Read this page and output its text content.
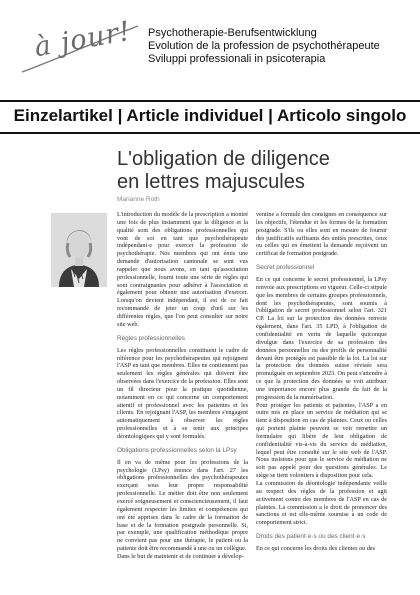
à jour! Psychotherapie-Berufsentwicklung
Evolution de la profession de psychothérapeute
Sviluppi professionali in psicoterapia
Einzelartikel | Article individuel | Articolo singolo
L'obligation de diligence
en lettres majuscules
Marianne Roth

L'introduction du modèle de la prescription a montré une fois de plus instamment que la diligence et la qualité sont des obligations professionnelles qui vont de soi en tant que psychothérapeute indépendant·e pour exercer la profession de psychothérapie. Nos membres qui ont émis une demande d'autorisation cantonale se sont vus rappeler que nous avons, en tant qu'association professionnelle, fourni toute une série de règles qui sont contraignantes pour adhérer à l'association et également pour obtenir une autorisation d'exercer. Lorsqu'on devient indépendant, il est de ce fait recommandé de jeter un coup d'œil sur les différentes règles, que l'on peut consulter sur notre site web.

Règles professionnelles

Les règles professionnelles constituent le cadre de référence pour les psychothérapeutes qui rejoignent l'ASP en tant que membres. Elles ne contiennent pas seulement les règles générales qui doivent être observées dans l'exercice de la profession. Elles sont un fil directeur pour la pratique quotidienne, notamment en ce qui concerne un comportement attentif et professionnel avec les patientes et les clients. En rejoignant l'ASP, les membres s'engagent automatiquement à observer les règles professionnelles et à se tenir aux principes déontologiques qui y sont formulés.

Obligations professionnelles selon la LPsy

Il en va de même pour les professions de la psychologie (LPsy) énonce dans l'art. 27 les obligations professionnelles des psychothérapeutes exerçant sous leur propre responsabilité professionnelle. Le métier doit être non seulement exercé soigneusement et consciencieusement, il faut également respecter les limites et compétences qui ont été apprises dans le cadre de la formation de base et de la formation postgrade personnelle. Si, par exemple, une qualification méthodique propre ne convient pas pour une thérapie, le patient ou la patiente doit être recommandé à une ou un collègue.

Dans le but de maintenir et de continuer à dévelop-

ventine a formulé des consignes en conséquence sur les objectifs, l'étendue et les formes de la formation postgrade. S'ils ou elles sont en mesure de fournir des justificatifs suffisants des unités prescrites, ceux ou celles qui en émettent la demande reçoivent un certificat de formation postgrade.

Secret professionnel

En ce qui concerne le secret professionnel, la LPsy renvoie aux prescriptions en vigueur. Celle-ci stipule que les membres de certains groupes professionnels, dont les psychothérapeutes, sont soumis à l'obligation de secret professionnel selon l'art. 321 CP. La loi sur la protection des données renvoie également, dans l'art. 35 LPD, à l'obligation de confidentialité en vertu de laquelle quiconque divulgue dans l'exercice de sa profession des données personnelles ou des profils de personnalité devant être protégés est passible de la loi. La loi sur la protection des données suisse révisée sera promulguée en septembre 2023. On peut s'attendre à ce que la protection des données se voit attribuer une importance encore plus grande du fait de la progression de la numérisation.

Pour protéger les patients et patientes, l'ASP a en outre mis en place un service de médiation qui se tient à disposition en cas de plaintes. Ceux ou celles qui portent plainte peuvent se voir remettre un formulaire qui libère de leur obligation de confidentialité vis-à-vis du service de médiation, lequel peut être consulté sur le site web de l'ASP. Nous insistons pour que le service de médiation ne soit pas appelé pour des questions générales. Le siège se tient volontiers à disposition pour cela.

La commission de déontologie indépendante veille au respect des règles de la profession et agit activement contre des membres de l'ASP en cas de plaintes. La commission a le droit de prononcer des sanctions et est elle-même soumise à un code de comportement strict.

Droits des patient·e·s ou des client·e·s

En ce qui concerne les droits des clientes ou des
